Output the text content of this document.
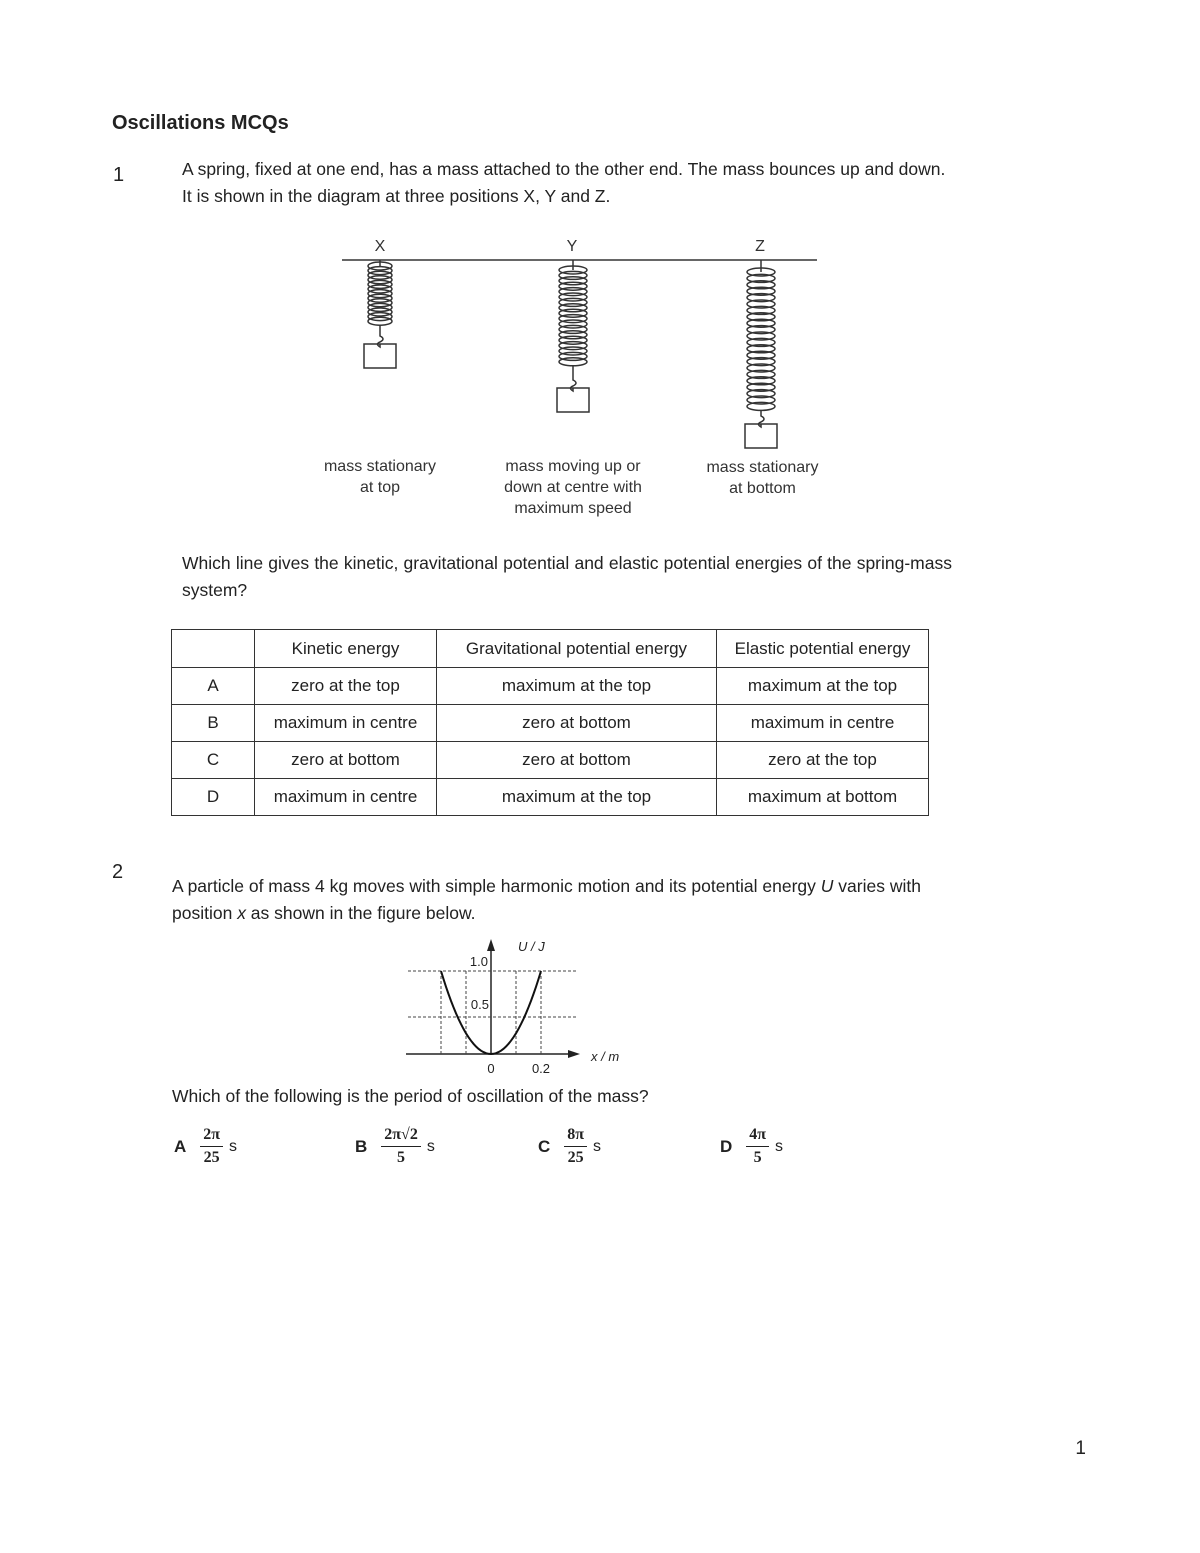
Oscillations MCQs
1	A spring, fixed at one end, has a mass attached to the other end. The mass bounces up and down. It is shown in the diagram at three positions X, Y and Z.
X	Y	Z
mass stationary
at top
mass moving up or
down at centre with
maximum speed
mass stationary
at bottom
Which line gives the kinetic, gravitational potential and elastic potential energies of the spring-mass system?
	Kinetic energy	Gravitational potential energy	Elastic potential energy
A	zero at the top	maximum at the top	maximum at the top
B	maximum in centre	zero at bottom	maximum in centre
C	zero at bottom	zero at bottom	zero at the top
D	maximum in centre	maximum at the top	maximum at bottom
2
A particle of mass 4 kg moves with simple harmonic motion and its potential energy U varies with position x as shown in the figure below.
U / J
x / m
1.0
0.5
0	0.2
Which of the following is the period of oscillation of the mass?
A $\frac{2\pi}{25}$ s	B $\frac{2\pi√2}{5}$ s	C $\frac{8\pi}{25}$ s	D $\frac{4\pi}{5}$ s
1
